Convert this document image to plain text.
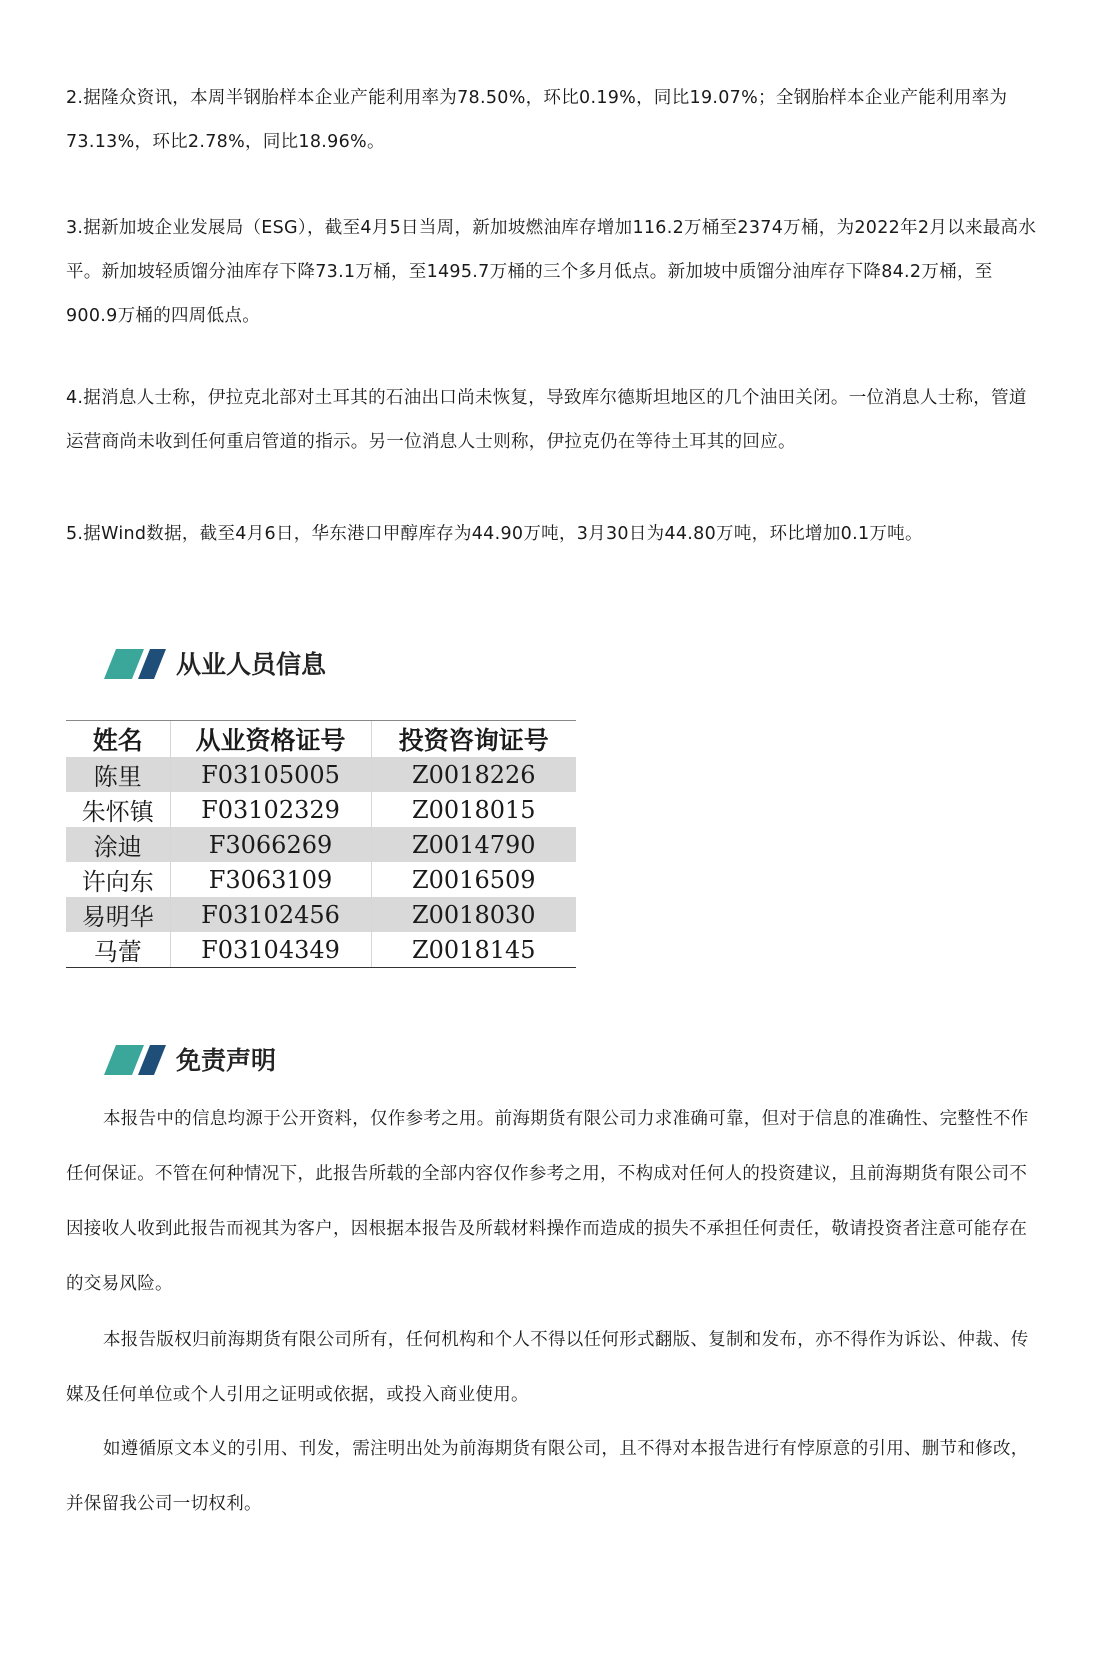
2.据隆众资讯，本周半钢胎样本企业产能利用率为78.50%，环比0.19%，同比19.07%；全钢胎样本企业产能利用率为73.13%，环比2.78%，同比18.96%。

3.据新加坡企业发展局（ESG），截至4月5日当周，新加坡燃油库存增加116.2万桶至2374万桶，为2022年2月以来最高水平。新加坡轻质馏分油库存下降73.1万桶，至1495.7万桶的三个多月低点。新加坡中质馏分油库存下降84.2万桶，至900.9万桶的四周低点。

4.据消息人士称，伊拉克北部对土耳其的石油出口尚未恢复，导致库尔德斯坦地区的几个油田关闭。一位消息人士称，管道运营商尚未收到任何重启管道的指示。另一位消息人士则称，伊拉克仍在等待土耳其的回应。

5.据Wind数据，截至4月6日，华东港口甲醇库存为44.90万吨，3月30日为44.80万吨，环比增加0.1万吨。

从业人员信息
姓名	从业资格证号	投资咨询证号
陈里	F03105005	Z0018226
朱怀镇	F03102329	Z0018015
涂迪	F3066269	Z0014790
许向东	F3063109	Z0016509
易明华	F03102456	Z0018030
马蕾	F03104349	Z0018145
免责声明

本报告中的信息均源于公开资料，仅作参考之用。前海期货有限公司力求准确可靠，但对于信息的准确性、完整性不作任何保证。不管在何种情况下，此报告所载的全部内容仅作参考之用，不构成对任何人的投资建议，且前海期货有限公司不因接收人收到此报告而视其为客户，因根据本报告及所载材料操作而造成的损失不承担任何责任，敬请投资者注意可能存在的交易风险。

本报告版权归前海期货有限公司所有，任何机构和个人不得以任何形式翻版、复制和发布，亦不得作为诉讼、仲裁、传媒及任何单位或个人引用之证明或依据，或投入商业使用。

如遵循原文本义的引用、刊发，需注明出处为前海期货有限公司，且不得对本报告进行有悖原意的引用、删节和修改，并保留我公司一切权利。
